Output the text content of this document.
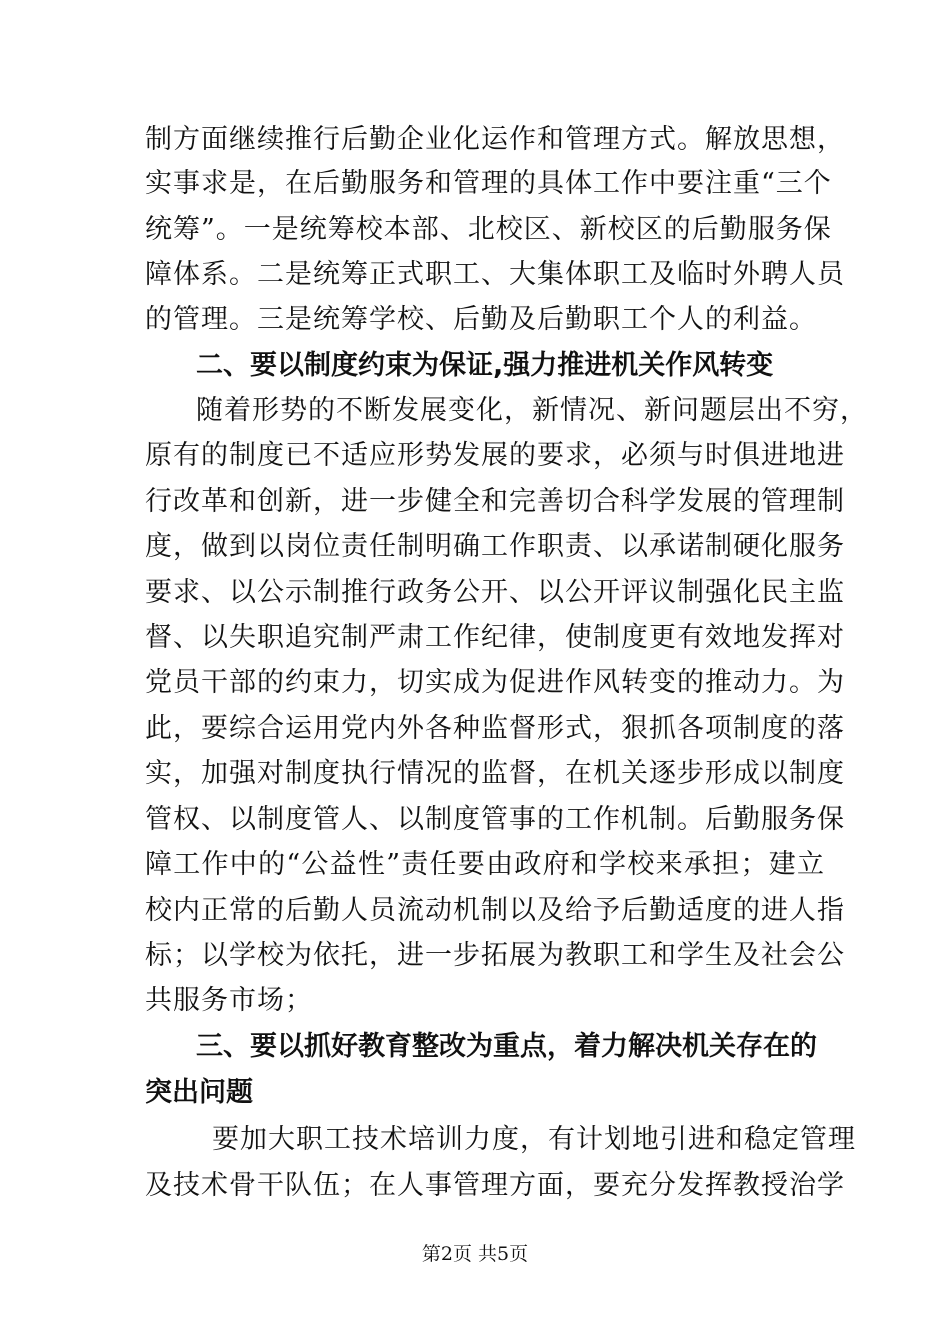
制方面继续推行后勤企业化运作和管理方式。解放思想，
实事求是，在后勤服务和管理的具体工作中要注重“三个
统筹”。一是统筹校本部、北校区、新校区的后勤服务保
障体系。二是统筹正式职工、大集体职工及临时外聘人员
的管理。三是统筹学校、后勤及后勤职工个人的利益。
二、要以制度约束为保证,强力推进机关作风转变
随着形势的不断发展变化，新情况、新问题层出不穷，
原有的制度已不适应形势发展的要求，必须与时俱进地进
行改革和创新，进一步健全和完善切合科学发展的管理制
度，做到以岗位责任制明确工作职责、以承诺制硬化服务
要求、以公示制推行政务公开、以公开评议制强化民主监
督、以失职追究制严肃工作纪律，使制度更有效地发挥对
党员干部的约束力，切实成为促进作风转变的推动力。为
此，要综合运用党内外各种监督形式，狠抓各项制度的落
实，加强对制度执行情况的监督，在机关逐步形成以制度
管权、以制度管人、以制度管事的工作机制。后勤服务保
障工作中的“公益性”责任要由政府和学校来承担；建立
校内正常的后勤人员流动机制以及给予后勤适度的进人指
标；以学校为依托，进一步拓展为教职工和学生及社会公
共服务市场；
三、要以抓好教育整改为重点，着力解决机关存在的
突出问题
要加大职工技术培训力度，有计划地引进和稳定管理
及技术骨干队伍；在人事管理方面，要充分发挥教授治学
第2页 共5页
